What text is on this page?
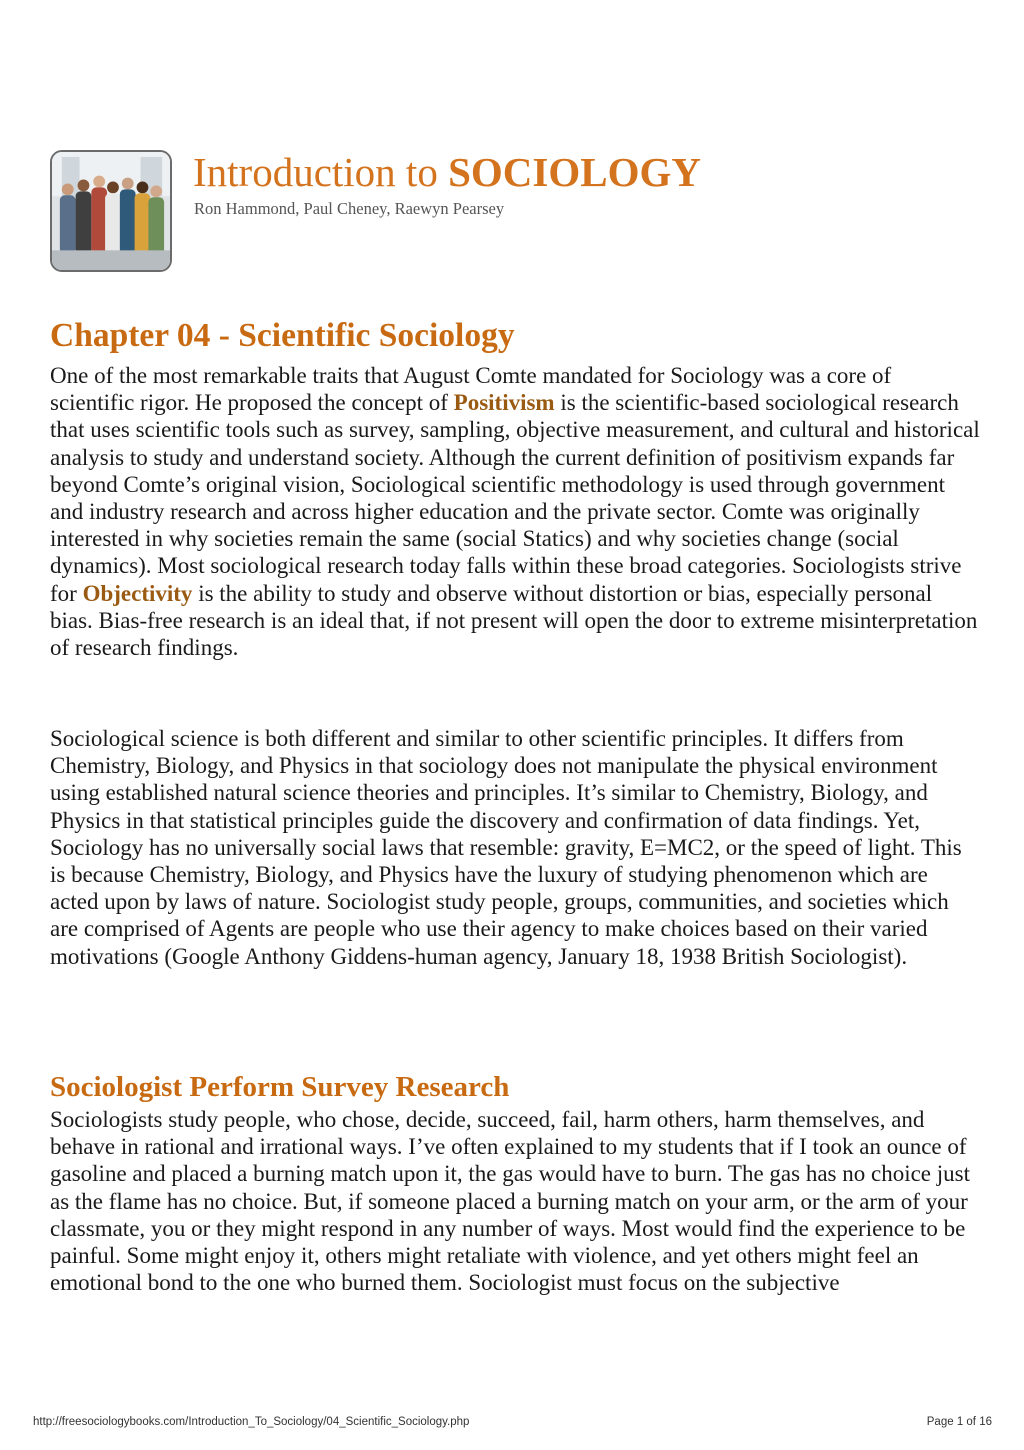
Introduction to SOCIOLOGY
Ron Hammond, Paul Cheney, Raewyn Pearsey
Chapter 04 - Scientific Sociology

One of the most remarkable traits that August Comte mandated for Sociology was a core of scientific rigor. He proposed the concept of Positivism is the scientific-based sociological research that uses scientific tools such as survey, sampling, objective measurement, and cultural and historical analysis to study and understand society. Although the current definition of positivism expands far beyond Comte’s original vision, Sociological scientific methodology is used through government and industry research and across higher education and the private sector. Comte was originally interested in why societies remain the same (social Statics) and why societies change (social dynamics). Most sociological research today falls within these broad categories. Sociologists strive for Objectivity is the ability to study and observe without distortion or bias, especially personal bias. Bias-free research is an ideal that, if not present will open the door to extreme misinterpretation of research findings.

Sociological science is both different and similar to other scientific principles. It differs from Chemistry, Biology, and Physics in that sociology does not manipulate the physical environment using established natural science theories and principles. It’s similar to Chemistry, Biology, and Physics in that statistical principles guide the discovery and confirmation of data findings. Yet, Sociology has no universally social laws that resemble: gravity, E=MC2, or the speed of light. This is because Chemistry, Biology, and Physics have the luxury of studying phenomenon which are acted upon by laws of nature. Sociologist study people, groups, communities, and societies which are comprised of Agents are people who use their agency to make choices based on their varied motivations (Google Anthony Giddens-human agency, January 18, 1938 British Sociologist).

Sociologist Perform Survey Research

Sociologists study people, who chose, decide, succeed, fail, harm others, harm themselves, and behave in rational and irrational ways. I’ve often explained to my students that if I took an ounce of gasoline and placed a burning match upon it, the gas would have to burn. The gas has no choice just as the flame has no choice. But, if someone placed a burning match on your arm, or the arm of your classmate, you or they might respond in any number of ways. Most would find the experience to be painful. Some might enjoy it, others might retaliate with violence, and yet others might feel an emotional bond to the one who burned them. Sociologist must focus on the subjective

http://freesociologybooks.com/Introduction_To_Sociology/04_Scientific_Sociology.php	Page 1 of 16
